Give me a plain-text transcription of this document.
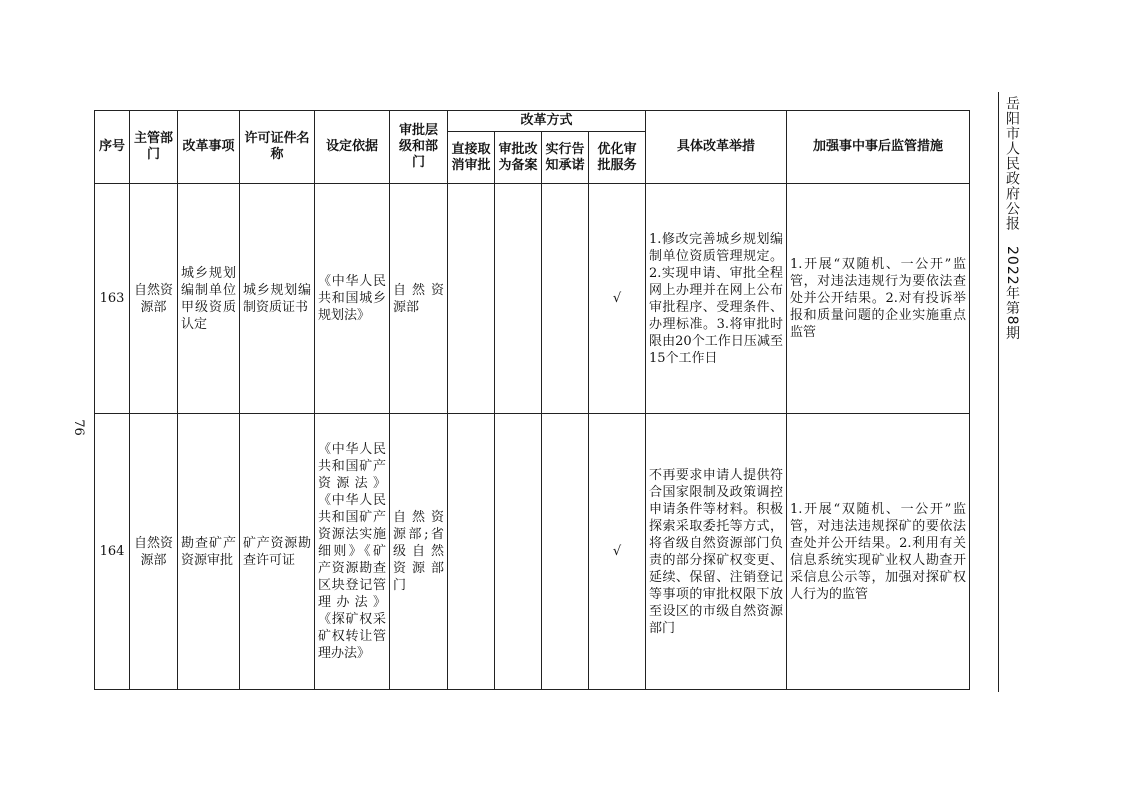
76
序号	主管部门	改革事项	许可证件名称	设定依据	审批层级和部门	改革方式				具体改革举措	加强事中事后监管措施
						直接取消审批	审批改为备案	实行告知承诺	优化审批服务		
163	自然资源部	城乡规划编制单位甲级资质认定	城乡规划编制资质证书	《中华人民共和国城乡规划法》	自然资源部				√	1.修改完善城乡规划编制单位资质管理规定。2.实现申请、审批全程网上办理并在网上公布审批程序、受理条件、办理标准。3.将审批时限由20个工作日压减至15个工作日	1.开展“双随机、一公开”监管，对违法违规行为要依法查处并公开结果。2.对有投诉举报和质量问题的企业实施重点监管
164	自然资源部	勘查矿产资源审批	矿产资源勘查许可证	《中华人民共和国矿产资源法》《中华人民共和国矿产资源法实施细则》《矿产资源勘查区块登记管理办法》《探矿权采矿权转让管理办法》	自然资源部;省级自然资源部门				√	不再要求申请人提供符合国家限制及政策调控申请条件等材料。积极探索采取委托等方式，将省级自然资源部门负责的部分探矿权变更、延续、保留、注销登记等事项的审批权限下放至设区的市级自然资源部门	1.开展“双随机、一公开”监管，对违法违规探矿的要依法查处并公开结果。2.利用有关信息系统实现矿业权人勘查开采信息公示等，加强对探矿权人行为的监管
岳阳市人民政府公报　2022年第8期
